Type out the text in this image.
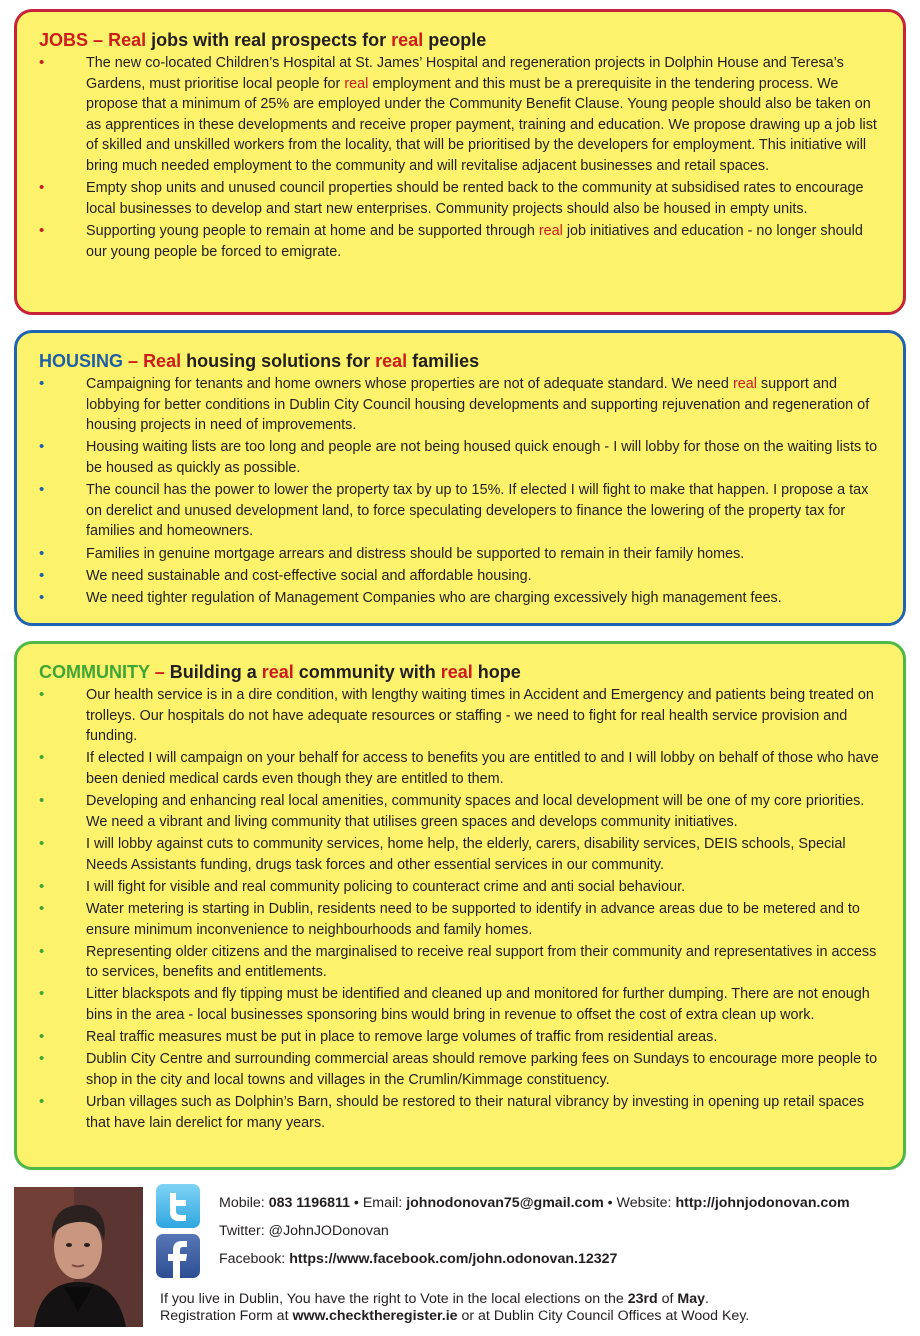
JOBS – Real jobs with real prospects for real people
•	The new co-located Children’s Hospital at St. James’ Hospital and regeneration projects in Dolphin House and Teresa’s Gardens, must prioritise local people for real employment and this must be a prerequisite in the tendering process. We propose that a minimum of 25% are employed under the Community Benefit Clause. Young people should also be taken on as apprentices in these developments and receive proper payment, training and education. We propose drawing up a job list of skilled and unskilled workers from the locality, that will be prioritised by the developers for employment. This initiative will bring much needed employment to the community and will revitalise adjacent businesses and retail spaces.
•	Empty shop units and unused council properties should be rented back to the community at subsidised rates to encourage local businesses to develop and start new enterprises. Community projects should also be housed in empty units.
•	Supporting young people to remain at home and be supported through real job initiatives and education - no longer should our young people be forced to emigrate.
HOUSING – Real housing solutions for real families
•	Campaigning for tenants and home owners whose properties are not of adequate standard. We need real support and lobbying for better conditions in Dublin City Council housing developments and supporting rejuvenation and regeneration of housing projects in need of improvements.
•	Housing waiting lists are too long and people are not being housed quick enough - I will lobby for those on the waiting lists to be housed as quickly as possible.
•	The council has the power to lower the property tax by up to 15%. If elected I will fight to make that happen. I propose a tax on derelict and unused development land, to force speculating developers to finance the lowering of the property tax for families and homeowners.
•	Families in genuine mortgage arrears and distress should be supported to remain in their family homes.
•	We need sustainable and cost-effective social and affordable housing.
•	We need tighter regulation of Management Companies who are charging excessively high management fees.
COMMUNITY – Building a real community with real hope
•	Our health service is in a dire condition, with lengthy waiting times in Accident and Emergency and patients being treated on trolleys. Our hospitals do not have adequate resources or staffing - we need to fight for real health service provision and funding.
•	If elected I will campaign on your behalf for access to benefits you are entitled to and I will lobby on behalf of those who have been denied medical cards even though they are entitled to them.
•	Developing and enhancing real local amenities, community spaces and local development will be one of my core priorities. We need a vibrant and living community that utilises green spaces and develops community initiatives.
•	I will lobby against cuts to community services, home help, the elderly, carers, disability services, DEIS schools, Special Needs Assistants funding, drugs task forces and other essential services in our community.
•	I will fight for visible and real community policing to counteract crime and anti social behaviour.
•	Water metering is starting in Dublin, residents need to be supported to identify in advance areas due to be metered and to ensure minimum inconvenience to neighbourhoods and family homes.
•	Representing older citizens and the marginalised to receive real support from their community and representatives in access to services, benefits and entitlements.
•	Litter blackspots and fly tipping must be identified and cleaned up and monitored for further dumping. There are not enough bins in the area - local businesses sponsoring bins would bring in revenue to offset the cost of extra clean up work.
•	Real traffic measures must be put in place to remove large volumes of traffic from residential areas.
•	Dublin City Centre and surrounding commercial areas should remove parking fees on Sundays to encourage more people to shop in the city and local towns and villages in the Crumlin/Kimmage constituency.
•	Urban villages such as Dolphin’s Barn, should be restored to their natural vibrancy by investing in opening up retail spaces that have lain derelict for many years.
Mobile: 083 1196811 • Email: johnodonovan75@gmail.com • Website: http://johnjodonovan.com
Twitter: @JohnJODonovan
Facebook: https://www.facebook.com/john.odonovan.12327
If you live in Dublin, You have the right to Vote in the local elections on the 23rd of May.
Registration Form at www.checktheregister.ie or at Dublin City Council Offices at Wood Key.
